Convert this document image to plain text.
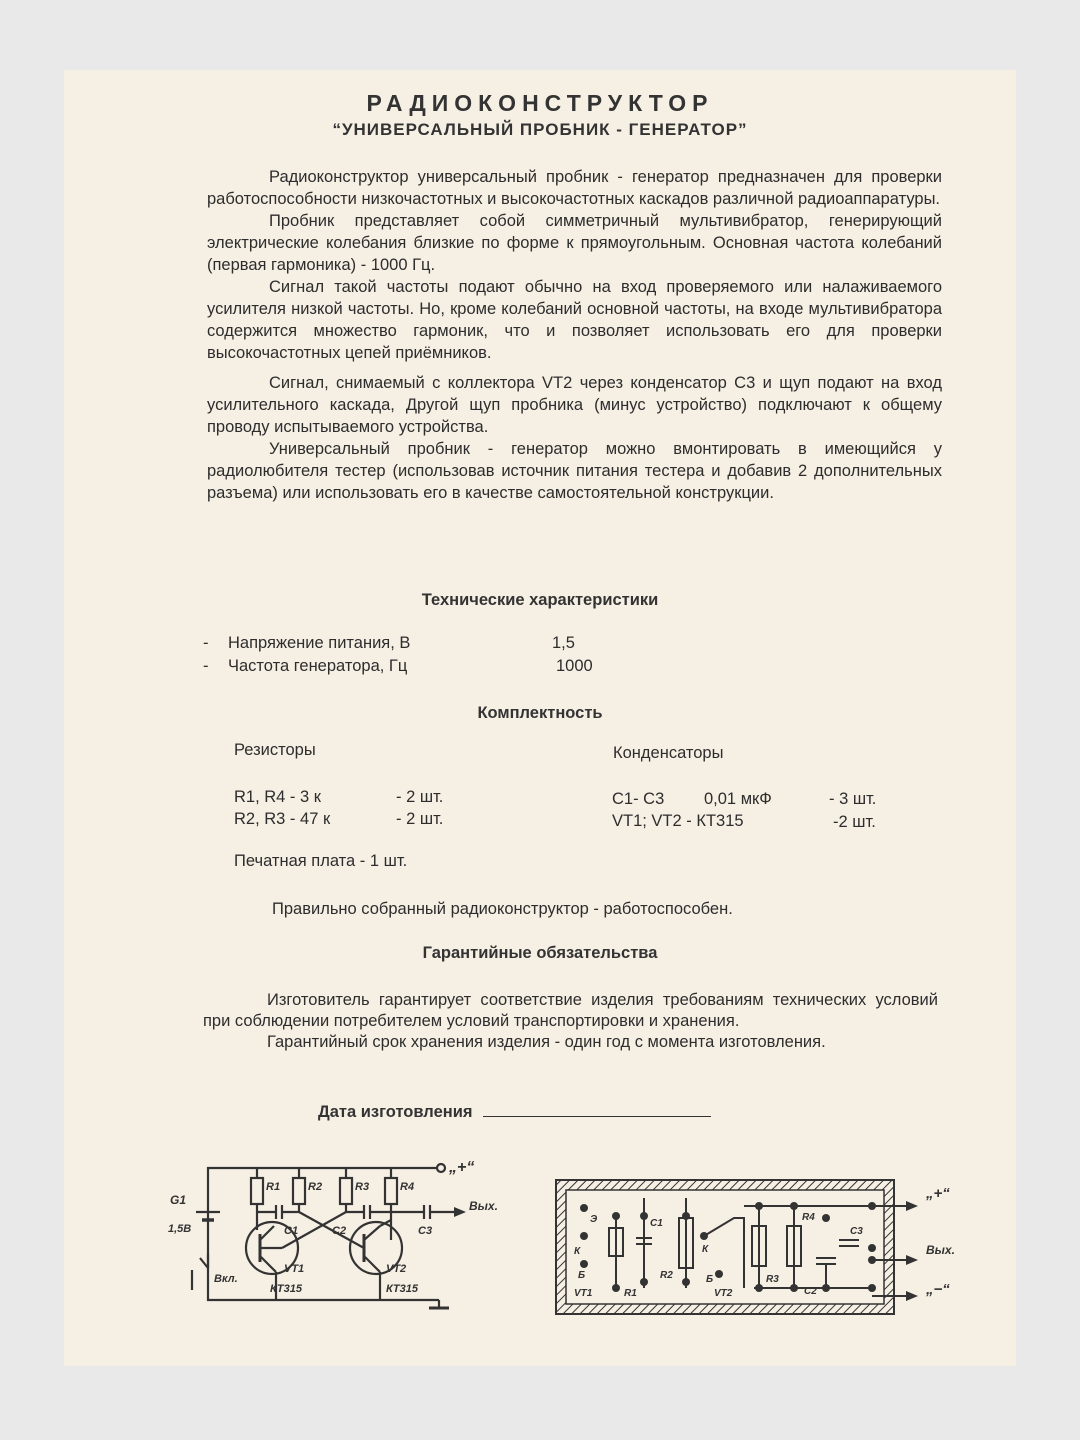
РАДИОКОНСТРУКТОР
“УНИВЕРСАЛЬНЫЙ ПРОБНИК - ГЕНЕРАТОР”

Радиоконструктор универсальный пробник - генератор предназначен для проверки работоспособности низкочастотных и высокочастотных каскадов различной радиоаппаратуры.

Пробник представляет собой симметричный мультивибратор, генерирующий электрические колебания близкие по форме к прямоугольным. Основная частота колебаний (первая гармоника) - 1000 Гц.

Сигнал такой частоты подают обычно на вход проверяемого или налаживаемого усилителя низкой частоты. Но, кроме колебаний основной частоты, на входе мультивибратора содержится множество гармоник, что и позволяет использовать его для проверки высокочастотных цепей приёмников.

Сигнал, снимаемый с коллектора VT2 через конденсатор С3 и щуп подают на вход усилительного каскада, Другой щуп пробника (минус устройство) подключают к общему проводу испытываемого устройства.

Универсальный пробник - генератор можно вмонтировать в имеющийся у радиолюбителя тестер (использовав источник питания тестера и добавив 2 дополнительных разъема) или использовать его в качестве самостоятельной конструкции.

Технические характеристики
- Напряжение питания, В	1,5
- Частота генератора, Гц	1000
Комплектность
Резисторы	Конденсаторы
R1, R4 - 3 к	- 2 шт.
R2, R3 - 47 к	- 2 шт.
С1- С3 0,01 мкФ	- 3 шт.
VT1; VT2 - КТ315	-2 шт.
Печатная плата - 1 шт.
Правильно собранный радиоконструктор - работоспособен.
Гарантийные обязательства

Изготовитель гарантирует соответствие изделия требованиям технических условий при соблюдении потребителем условий транспортировки и хранения.

Гарантийный срок хранения изделия - один год с момента изготовления.

Дата изготовления
„+“
Вых.
G1
1,5В
Вкл.
R1	R2	R3	R4
C1	C2	C3
VT1	VT2
КТ315	КТ315
„+“
Вых.
„−“
Э
К
Б
VT1	R1
C1
R2
К
Б
VT2
R3
R4
C2
C3
